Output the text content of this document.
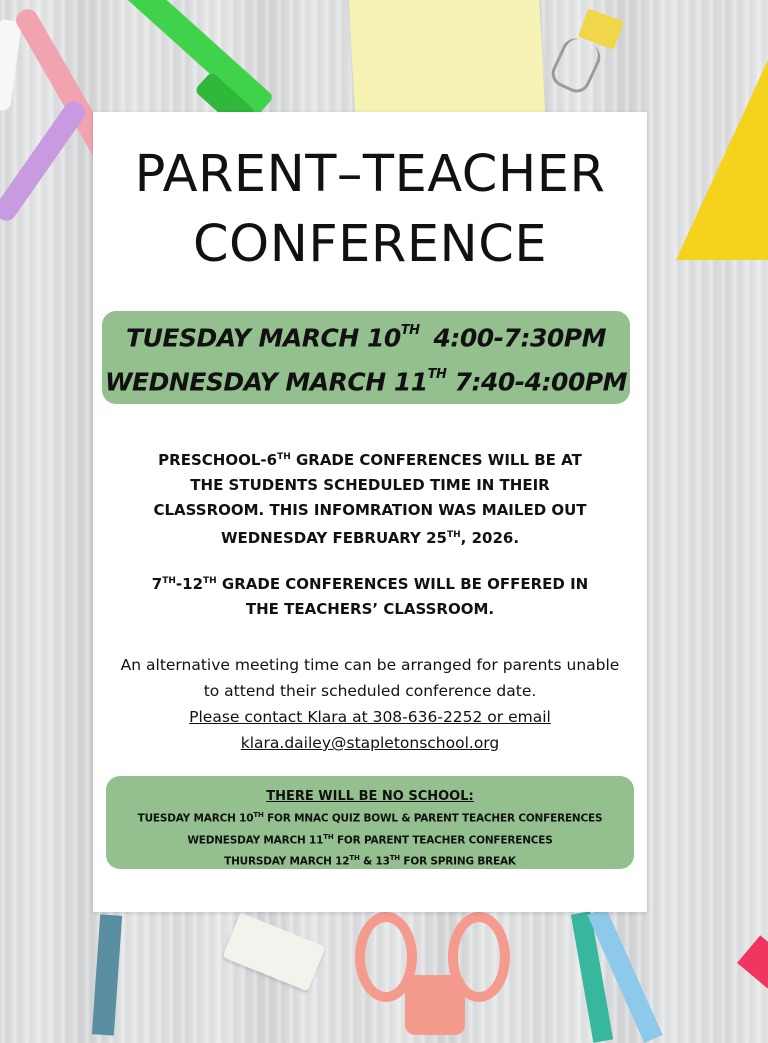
PARENT–TEACHER
CONFERENCE
TUESDAY MARCH 10TH 4:00-7:30PM
WEDNESDAY MARCH 11TH 7:40-4:00PM
PRESCHOOL-6TH GRADE CONFERENCES WILL BE AT
THE STUDENTS SCHEDULED TIME IN THEIR
CLASSROOM. THIS INFOMRATION WAS MAILED OUT
WEDNESDAY FEBRUARY 25TH, 2026.
7TH-12TH GRADE CONFERENCES WILL BE OFFERED IN
THE TEACHERS’ CLASSROOM.
An alternative meeting time can be arranged for parents unable
to attend their scheduled conference date.
Please contact Klara at 308-636-2252 or email
klara.dailey@stapletonschool.org
THERE WILL BE NO SCHOOL:
TUESDAY MARCH 10TH FOR MNAC QUIZ BOWL & PARENT TEACHER CONFERENCES
WEDNESDAY MARCH 11TH FOR PARENT TEACHER CONFERENCES
THURSDAY MARCH 12TH & 13TH FOR SPRING BREAK
